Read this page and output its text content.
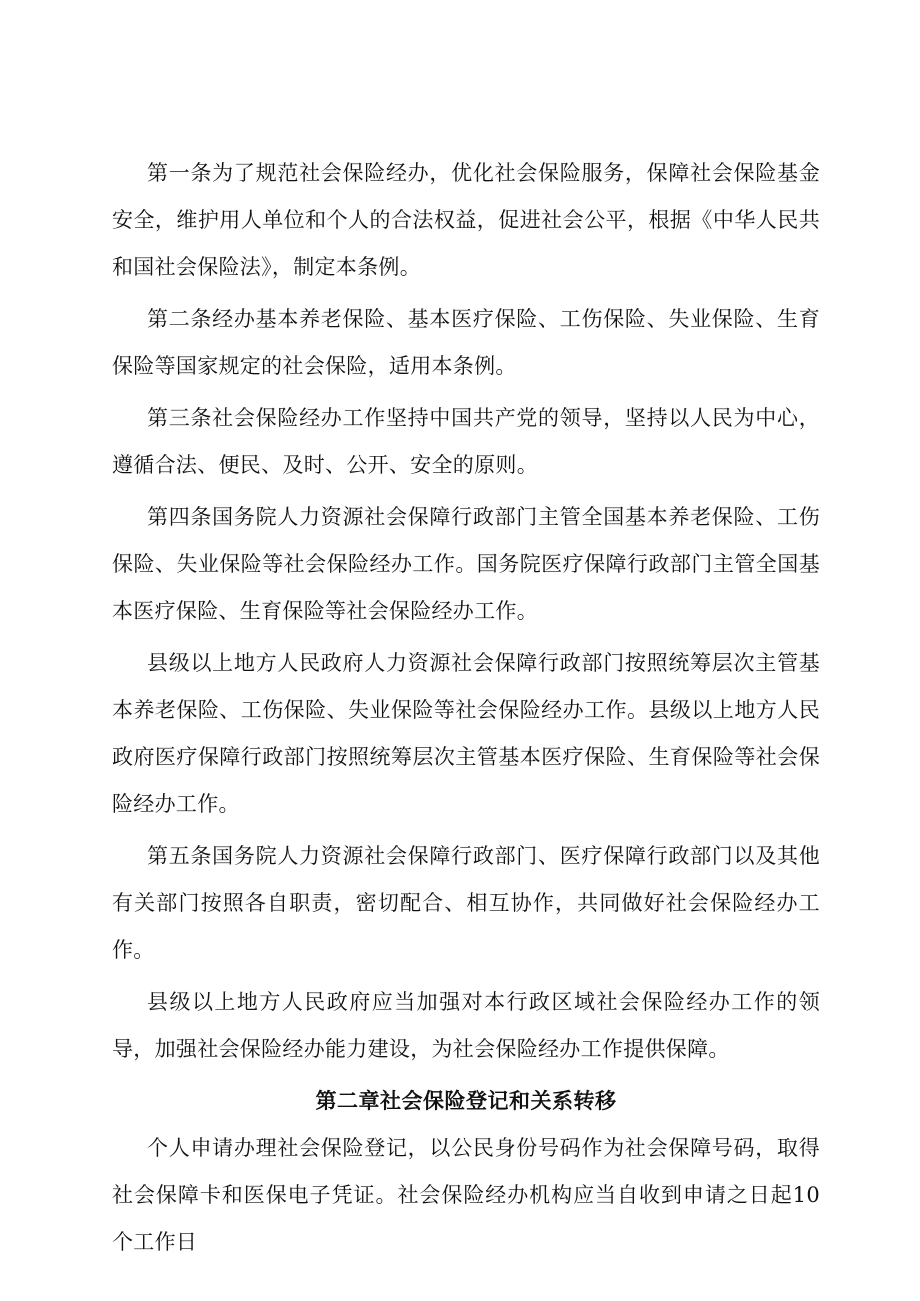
第一条为了规范社会保险经办，优化社会保险服务，保障社会保险基金安全，维护用人单位和个人的合法权益，促进社会公平，根据《中华人民共和国社会保险法》，制定本条例。

第二条经办基本养老保险、基本医疗保险、工伤保险、失业保险、生育保险等国家规定的社会保险，适用本条例。

第三条社会保险经办工作坚持中国共产党的领导，坚持以人民为中心，遵循合法、便民、及时、公开、安全的原则。

第四条国务院人力资源社会保障行政部门主管全国基本养老保险、工伤保险、失业保险等社会保险经办工作。国务院医疗保障行政部门主管全国基本医疗保险、生育保险等社会保险经办工作。

县级以上地方人民政府人力资源社会保障行政部门按照统筹层次主管基本养老保险、工伤保险、失业保险等社会保险经办工作。县级以上地方人民政府医疗保障行政部门按照统筹层次主管基本医疗保险、生育保险等社会保险经办工作。

第五条国务院人力资源社会保障行政部门、医疗保障行政部门以及其他有关部门按照各自职责，密切配合、相互协作，共同做好社会保险经办工作。

县级以上地方人民政府应当加强对本行政区域社会保险经办工作的领导，加强社会保险经办能力建设，为社会保险经办工作提供保障。

第二章社会保险登记和关系转移

个人申请办理社会保险登记，以公民身份号码作为社会保障号码，取得社会保障卡和医保电子凭证。社会保险经办机构应当自收到申请之日起10个工作日
